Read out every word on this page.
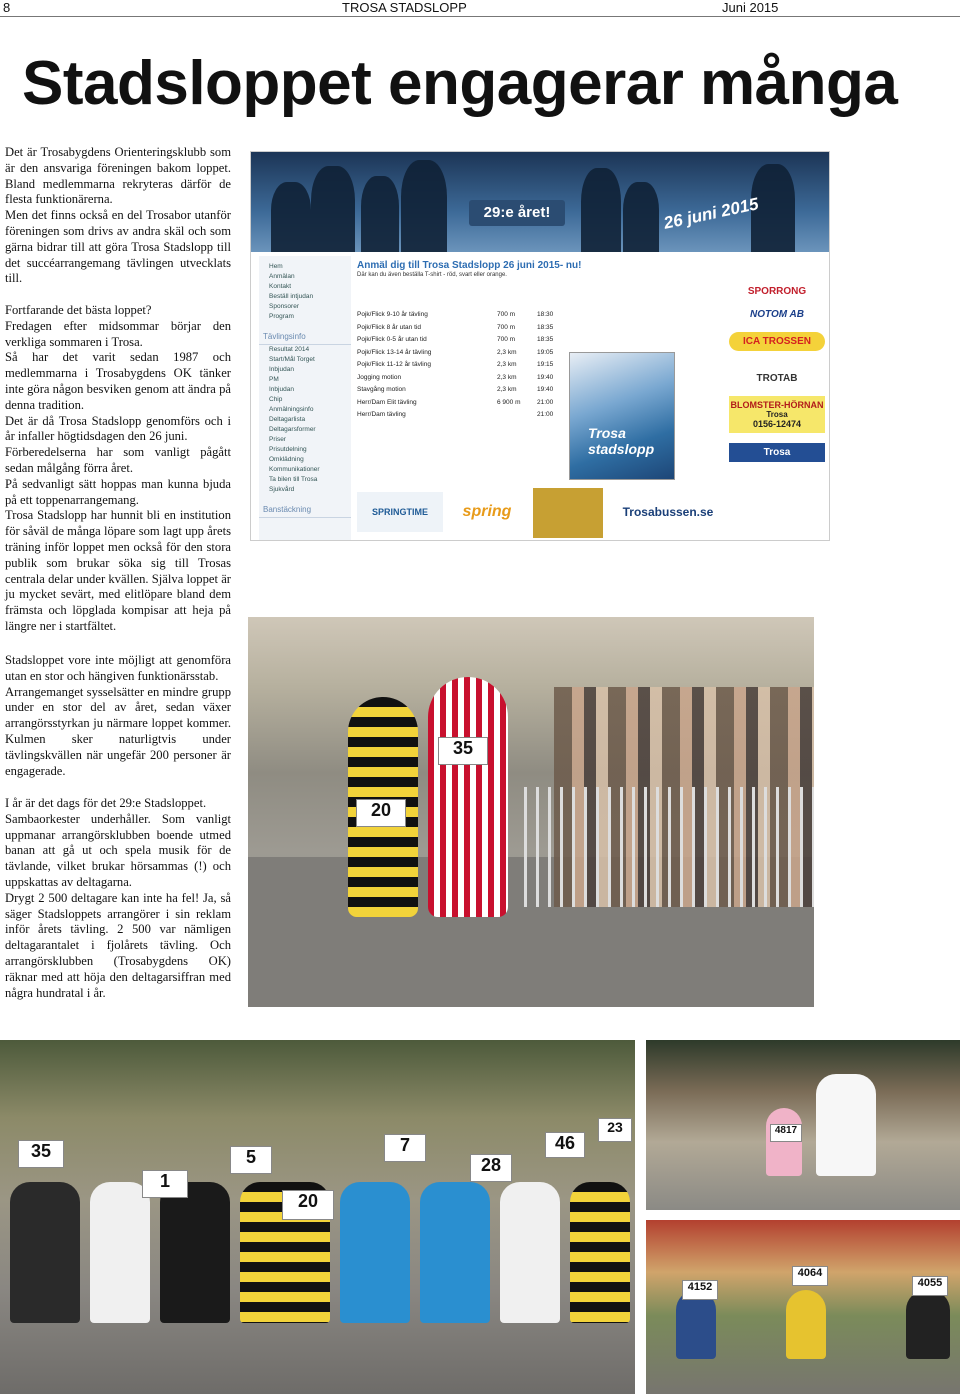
8	TROSA STADSLOPP	Juni 2015
Stadsloppet engagerar många

Det är Trosabygdens Orienteringsklubb som är den ansvariga föreningen bakom loppet. Bland medlemmarna rekryteras därför de flesta funktionärerna.

Men det finns också en del Trosabor utanför föreningen som drivs av andra skäl och som gärna bidrar till att göra Trosa Stadslopp till det succéarrangemang tävlingen utvecklats till.

Fortfarande det bästa loppet?

Fredagen efter midsommar börjar den verkliga sommaren i Trosa.

Så har det varit sedan 1987 och medlemmarna i Trosabygdens OK tänker inte göra någon besviken genom att ändra på denna tradition.

Det är då Trosa Stadslopp genomförs och i år infaller högtidsdagen den 26 juni.

Förberedelserna har som vanligt pågått sedan målgång förra året.

På sedvanligt sätt hoppas man kunna bjuda på ett toppenarrangemang.

Trosa Stadslopp har hunnit bli en institution för såväl de många löpare som lagt upp årets träning inför loppet men också för den stora publik som brukar söka sig till Trosas centrala delar under kvällen. Själva loppet är ju mycket sevärt, med elitlöpare bland dem främsta och löpglada kompisar att heja på längre ner i startfältet.

Stadsloppet vore inte möjligt att genomföra utan en stor och hängiven funktionärsstab.

Arrangemanget sysselsätter en mindre grupp under en stor del av året, sedan växer arrangörsstyrkan ju närmare loppet kommer. Kulmen sker naturligtvis under tävlingskvällen när ungefär 200 personer är engagerade.

I år är det dags för det 29:e Stadsloppet.

Sambaorkester underhåller. Som vanligt uppmanar arrangörsklubben boende utmed banan att gå ut och spela musik för de tävlande, vilket brukar hörsammas (!) och uppskattas av deltagarna.

Drygt 2 500 deltagare kan inte ha fel! Ja, så säger Stadsloppets arrangörer i sin reklam inför årets tävling. 2 500 var nämligen deltagarantalet i fjolårets tävling. Och arrangörsklubben (Trosabygdens OK) räknar med att höja den deltagarsiffran med några hundratal i år.

29:e året!	26 juni 2015
Hem
Anmälan
Kontakt
Beställ intjudan
Sponsorer
Program
Tävlingsinfo
Resultat 2014
Start/Mål Torget
Inbjudan
PM
Inbjudan
Chip
Anmälningsinfo
Deltagarlista
Deltagarsformer
Priser
Prisutdelning
Omklädning
Kommunikationer
Ta bilen till Trosa
Sjukvård
Banstäckning
Anmäl dig till Trosa Stadslopp 26 juni 2015- nu!
Där kan du även beställa T-shirt - röd, svart eller orange.
Pojk/Flick 9-10 år tävling	700 m	18:30
Pojk/Flick 8 år utan tid	700 m	18:35
Pojk/Flick 0-5 år utan tid	700 m	18:35
Pojk/Flick 13-14 år tävling	2,3 km	19:05
Pojk/Flick 11-12 år tävling	2,3 km	19:15
Jogging motion	2,3 km	19:40
Stavgång motion	2,3 km	19:40
Herr/Dam Elit tävling	6 900 m	21:00
Herr/Dam tävling	21:00
Trosa stadslopp
SPORRONG
NOTOM AB
ICA TROSSEN
TROTAB
BLOMSTER-HÖRNAN
Trosa
0156-12474
Trosa
SPRINGTIME	spring	Trosabussen.se
35
20
35
1
5
20
7
28
46
23	4817
4152
4064
4055
